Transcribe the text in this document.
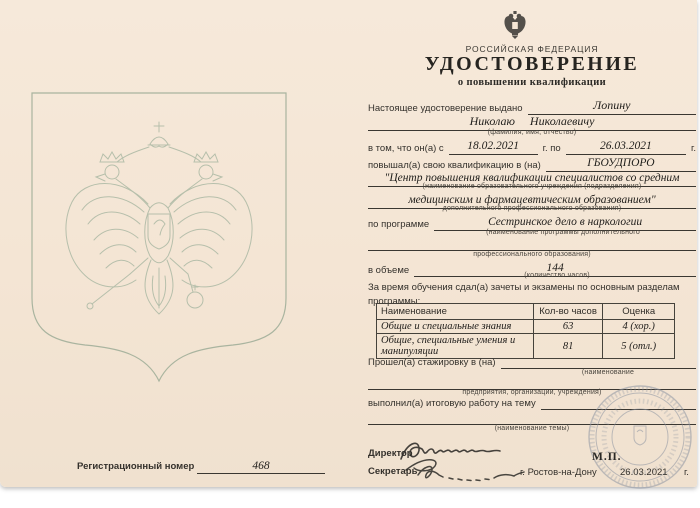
Регистрационный номер	468
РОССИЙСКАЯ ФЕДЕРАЦИЯ
УДОСТОВЕРЕНИЕ
о повышении квалификации
Настоящее удостоверение выдано	Лопину
Николаю Николаевичу
(фамилия, имя, отчество)
в том, что он(а) с	18.02.2021	г. по	26.03.2021	г.
повышал(а) свою квалификацию в (на)	ГБОУДПОРО
"Центр повышения квалификации специалистов со средним
(наименование образовательного учреждения (подразделения)
медицинским и фармацевтическим образованием"
дополнительного профессионального образования)
по программе	Сестринское дело в наркологии
(наименование программы дополнительного
профессионального образования)
в объеме	144
(количество часов)
За время обучения сдал(а) зачеты и экзамены по основным разделам программы:
Наименование	Кол-во часов	Оценка
Общие и специальные знания	63	4 (хор.)
Общие, специальные умения и манипуляции	81	5 (отл.)
Прошел(а) стажировку в (на)
(наименование
предприятия, организации, учреждения)
выполнил(а) итоговую работу на тему
(наименование темы)
Директор	М.П.
Секретарь	г. Ростов-на-Дону 26.03.2021 г.
